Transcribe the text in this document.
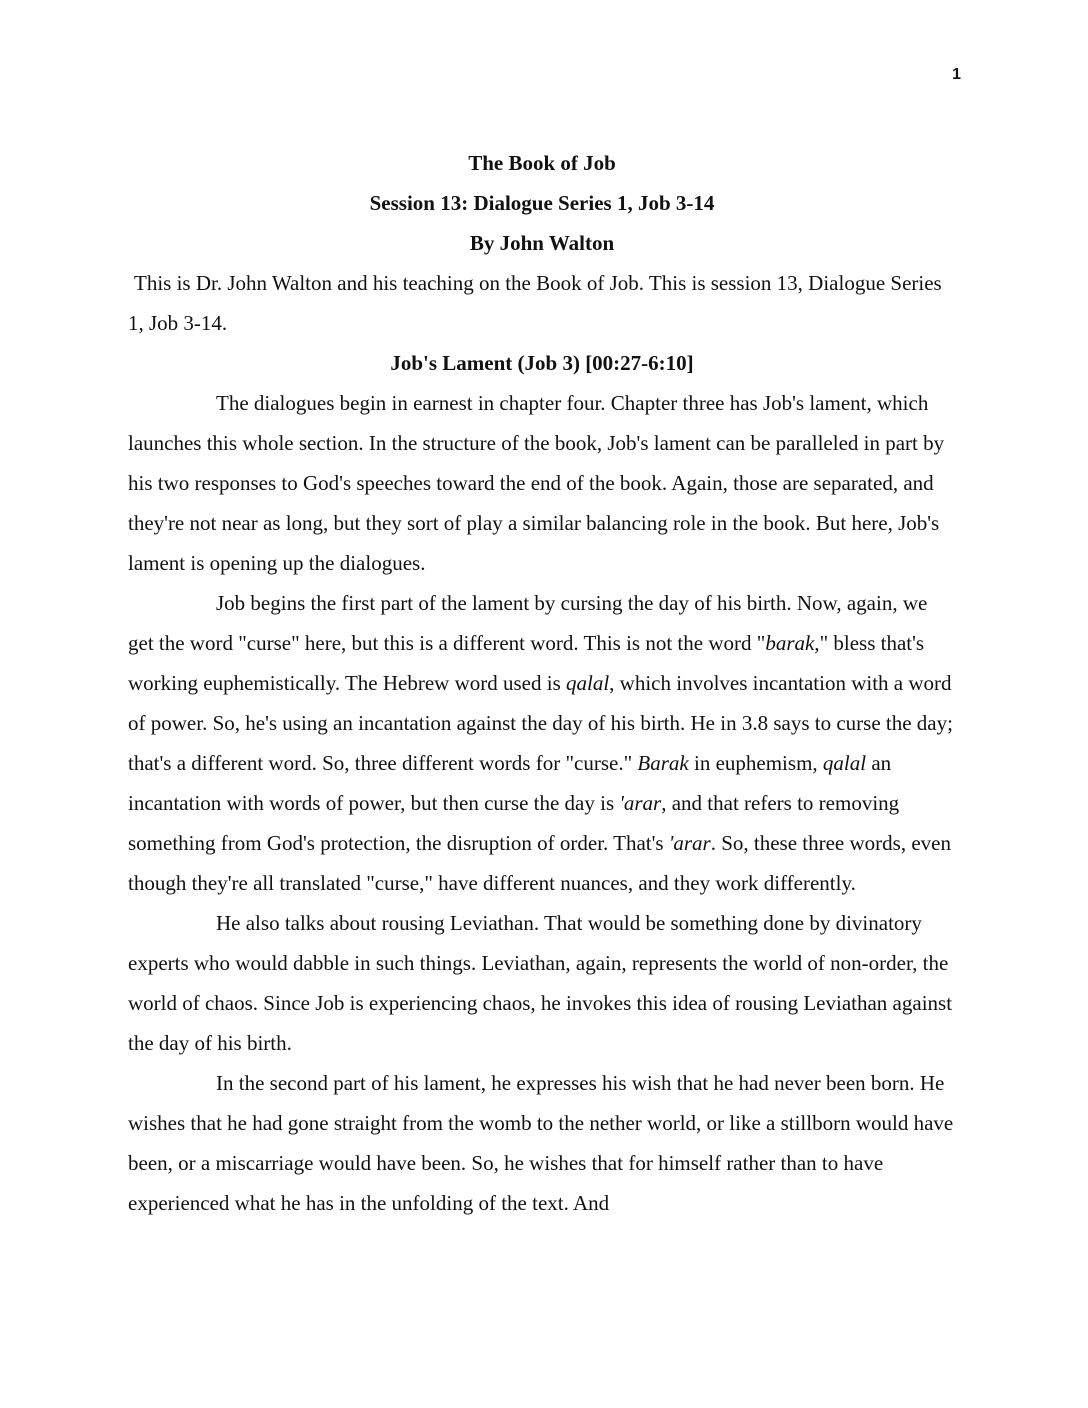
1

The Book of Job

Session 13: Dialogue Series 1, Job 3-14

By John Walton

This is Dr. John Walton and his teaching on the Book of Job. This is session 13, Dialogue Series 1, Job 3-14.

Job's Lament (Job 3) [00:27-6:10]

The dialogues begin in earnest in chapter four. Chapter three has Job's lament, which launches this whole section. In the structure of the book, Job's lament can be paralleled in part by his two responses to God's speeches toward the end of the book. Again, those are separated, and they're not near as long, but they sort of play a similar balancing role in the book. But here, Job's lament is opening up the dialogues.

Job begins the first part of the lament by cursing the day of his birth. Now, again, we get the word "curse" here, but this is a different word. This is not the word "barak," bless that's working euphemistically. The Hebrew word used is qalal, which involves incantation with a word of power. So, he's using an incantation against the day of his birth. He in 3.8 says to curse the day; that's a different word. So, three different words for "curse." Barak in euphemism, qalal an incantation with words of power, but then curse the day is 'arar, and that refers to removing something from God's protection, the disruption of order. That's 'arar. So, these three words, even though they're all translated "curse," have different nuances, and they work differently.

He also talks about rousing Leviathan. That would be something done by divinatory experts who would dabble in such things. Leviathan, again, represents the world of non-order, the world of chaos. Since Job is experiencing chaos, he invokes this idea of rousing Leviathan against the day of his birth.

In the second part of his lament, he expresses his wish that he had never been born. He wishes that he had gone straight from the womb to the nether world, or like a stillborn would have been, or a miscarriage would have been. So, he wishes that for himself rather than to have experienced what he has in the unfolding of the text. And
